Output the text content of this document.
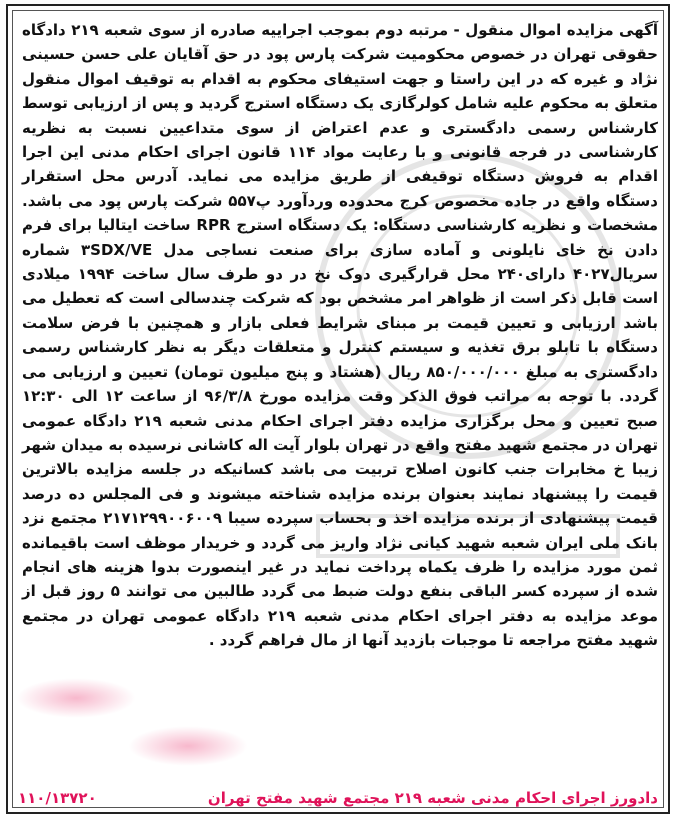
آگهی مزایده اموال منقول - مرتبه دوم بموجب اجراییه صادره از سوی شعبه ۲۱۹ دادگاه حقوقی تهران در خصوص محکومیت شرکت پارس پود در حق آقایان علی حسن حسینی نژاد و غیره که در این راستا و جهت استیفای محکوم به اقدام به توقیف اموال منقول متعلق به محکوم علیه شامل کولرگازی یک دستگاه استرج گردید و پس از ارزیابی توسط کارشناس رسمی دادگستری و عدم اعتراض از سوی متداعیین نسبت به نظریه کارشناسی در فرجه قانونی و با رعایت مواد ۱۱۴ قانون اجرای احکام مدنی این اجرا اقدام به فروش دستگاه توقیفی از طریق مزایده می نماید. آدرس محل استقرار دستگاه واقع در جاده مخصوص کرج محدوده وردآورد پ۵۵۷ شرکت پارس پود می باشد. مشخصات و نظریه کارشناسی دستگاه: یک دستگاه استرج RPR ساخت ایتالیا برای فرم دادن نخ خای نایلونی و آماده سازی برای صنعت نساجی مدل ۳SDX/VE شماره سریال۴۰۲۷ دارای۲۴۰ محل قرارگیری دوک نخ در دو طرف سال ساخت ۱۹۹۴ میلادی است قابل ذکر است از ظواهر امر مشخص بود که شرکت چندسالی است که تعطیل می باشد ارزیابی و تعیین قیمت بر مبنای شرایط فعلی بازار و همچنین با فرض سلامت دستگاه با تابلو برق تغذیه و سیستم کنترل و متعلقات دیگر به نظر کارشناس رسمی دادگستری به مبلغ ۸۵۰/۰۰۰/۰۰۰ ریال (هشتاد و پنج میلیون تومان) تعیین و ارزیابی می گردد. با توجه به مراتب فوق الذکر وقت مزایده مورخ ۹۶/۳/۸ از ساعت ۱۲ الی ۱۲:۳۰ صبح تعیین و محل برگزاری مزایده دفتر اجرای احکام مدنی شعبه ۲۱۹ دادگاه عمومی تهران در مجتمع شهید مفتح واقع در تهران بلوار آیت اله کاشانی نرسیده به میدان شهر زیبا خ مخابرات جنب کانون اصلاح تربیت می باشد کسانیکه در جلسه مزایده بالاترین قیمت را پیشنهاد نمایند بعنوان برنده مزایده شناخته میشوند و فی المجلس ده درصد قیمت پیشنهادی از برنده مزایده اخذ و بحساب سپرده سیبا ۲۱۷۱۲۹۹۰۰۶۰۰۹ مجتمع نزد بانک ملی ایران شعبه شهید کیانی نژاد واریز می گردد و خریدار موظف است باقیمانده ثمن مورد مزایده را ظرف یکماه پرداخت نماید در غیر اینصورت بدوا هزینه های انجام شده از سپرده کسر الباقی بنفع دولت ضبط می گردد طالبین می توانند ۵ روز قبل از موعد مزایده به دفتر اجرای احکام مدنی شعبه ۲۱۹ دادگاه عمومی تهران در مجتمع شهید مفتح مراجعه تا موجبات بازدید آنها از مال فراهم گردد .

۱۱۰/۱۳۷۲۰	دادورز اجرای احکام مدنی شعبه ۲۱۹ مجتمع شهید مفتح تهران
